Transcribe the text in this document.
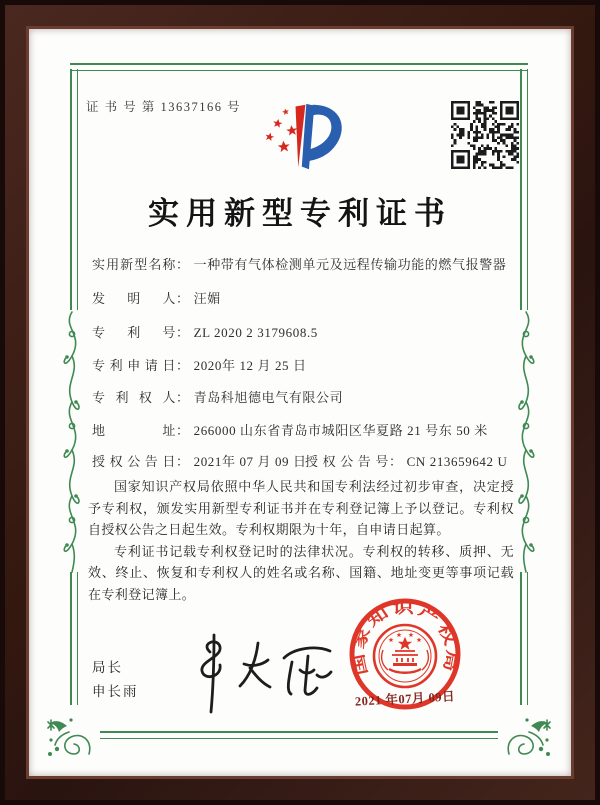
证 书 号 第 13637166 号
实用新型专利证书
实用新型名称： 一种带有气体检测单元及远程传输功能的燃气报警器
发明人： 汪媚
专利号： ZL 2020 2 3179608.5
专利申请日： 2020年 12 月 25 日
专利权人： 青岛科旭德电气有限公司
地址： 266000 山东省青岛市城阳区华夏路 21 号东 50 米
授权公告日： 2021年 07 月 09 日
授权公告号： CN 213659642 U

国家知识产权局依照中华人民共和国专利法经过初步审查，决定授予专利权，颁发实用新型专利证书并在专利登记簿上予以登记。专利权自授权公告之日起生效。专利权期限为十年，自申请日起算。

专利证书记载专利权登记时的法律状况。专利权的转移、质押、无效、终止、恢复和专利权人的姓名或名称、国籍、地址变更等事项记载在专利登记簿上。

局长
申长雨
国家知识产权局
2021 年07月 09日
